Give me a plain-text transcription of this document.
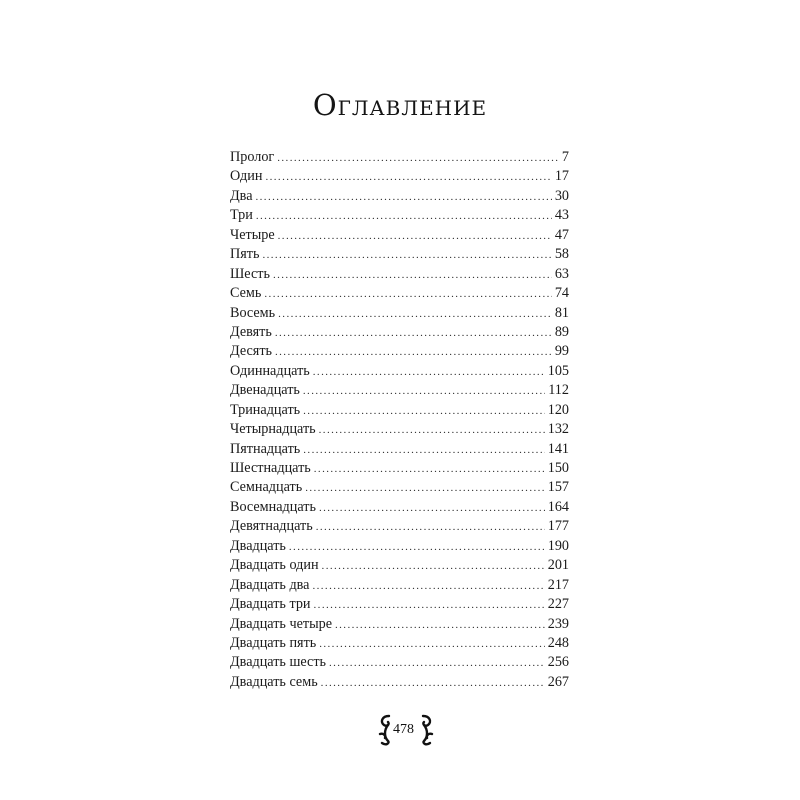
Оглавление
Пролог .....	7
Один .....	17
Два .....	30
Три .....	43
Четыре .....	47
Пять .....	58
Шесть .....	63
Семь .....	74
Восемь .....	81
Девять .....	89
Десять .....	99
Одиннадцать .....	105
Двенадцать .....	112
Тринадцать .....	120
Четырнадцать .....	132
Пятнадцать .....	141
Шестнадцать .....	150
Семнадцать .....	157
Восемнадцать .....	164
Девятнадцать .....	177
Двадцать .....	190
Двадцать один .....	201
Двадцать два .....	217
Двадцать три .....	227
Двадцать четыре .....	239
Двадцать пять .....	248
Двадцать шесть .....	256
Двадцать семь .....	267
478
